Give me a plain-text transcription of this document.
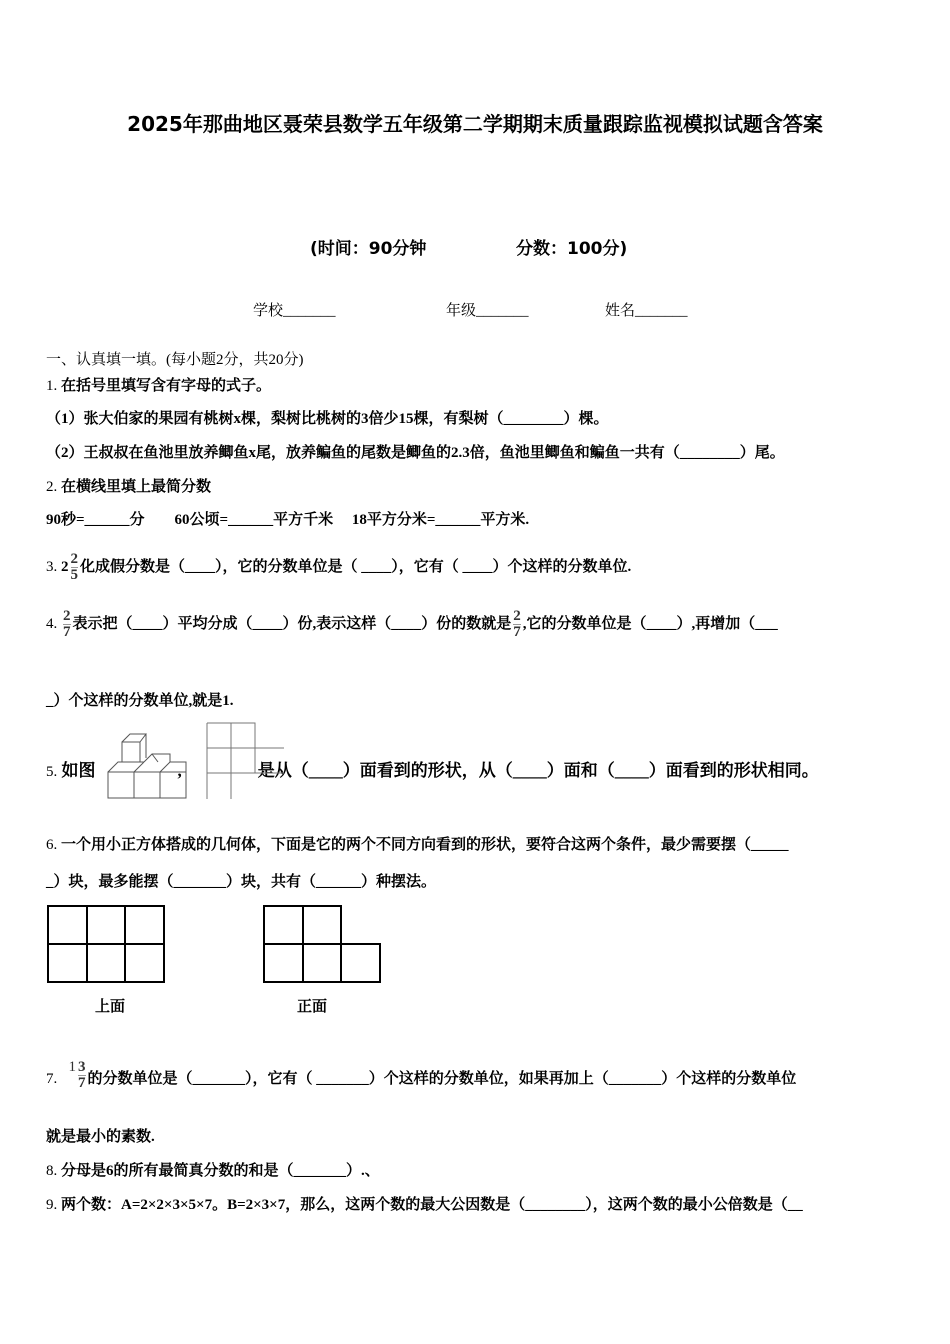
2025年那曲地区聂荣县数学五年级第二学期期末质量跟踪监视模拟试题含答案
(时间：90分钟	分数：100分)
学校_______	年级_______	姓名_______
一、认真填一填。(每小题2分，共20分)
1. 在括号里填写含有字母的式子。
（1）张大伯家的果园有桃树x棵，梨树比桃树的3倍少15棵，有梨树（________）棵。
（2）王叔叔在鱼池里放养鲫鱼x尾，放养鳊鱼的尾数是鲫鱼的2.3倍，鱼池里鲫鱼和鳊鱼一共有（________）尾。
2. 在横线里填上最简分数
90秒=______分　　60公顷=______平方千米　 18平方分米=______平方米.
3. $2 \frac{2}{5}$ 化成假分数是（____），它的分数单位是（ ____），它有（ ____）个这样的分数单位.
4. $\frac{2}{7}$ 表示把（____）平均分成（____）份,表示这样（____）份的数就是 $\frac{2}{7}$ ,它的分数单位是（____）,再增加（___
_）个这样的分数单位,就是1.
5. 如图	,	是从（____）面看到的形状，从（____）面和（____）面看到的形状相同。
6. 一个用小正方体搭成的几何体，下面是它的两个不同方向看到的形状，要符合这两个条件，最少需要摆（_____
_）块，最多能摆（_______）块，共有（______）种摆法。
上面	正面
7.   $1 \frac{3}{7}$ 的分数单位是（_______），它有（ _______）个这样的分数单位，如果再加上（_______）个这样的分数单位
就是最小的素数.
8. 分母是6的所有最简真分数的和是（_______）.、
9. 两个数：A=2×2×3×5×7。B=2×3×7，那么，这两个数的最大公因数是（________），这两个数的最小公倍数是（__
